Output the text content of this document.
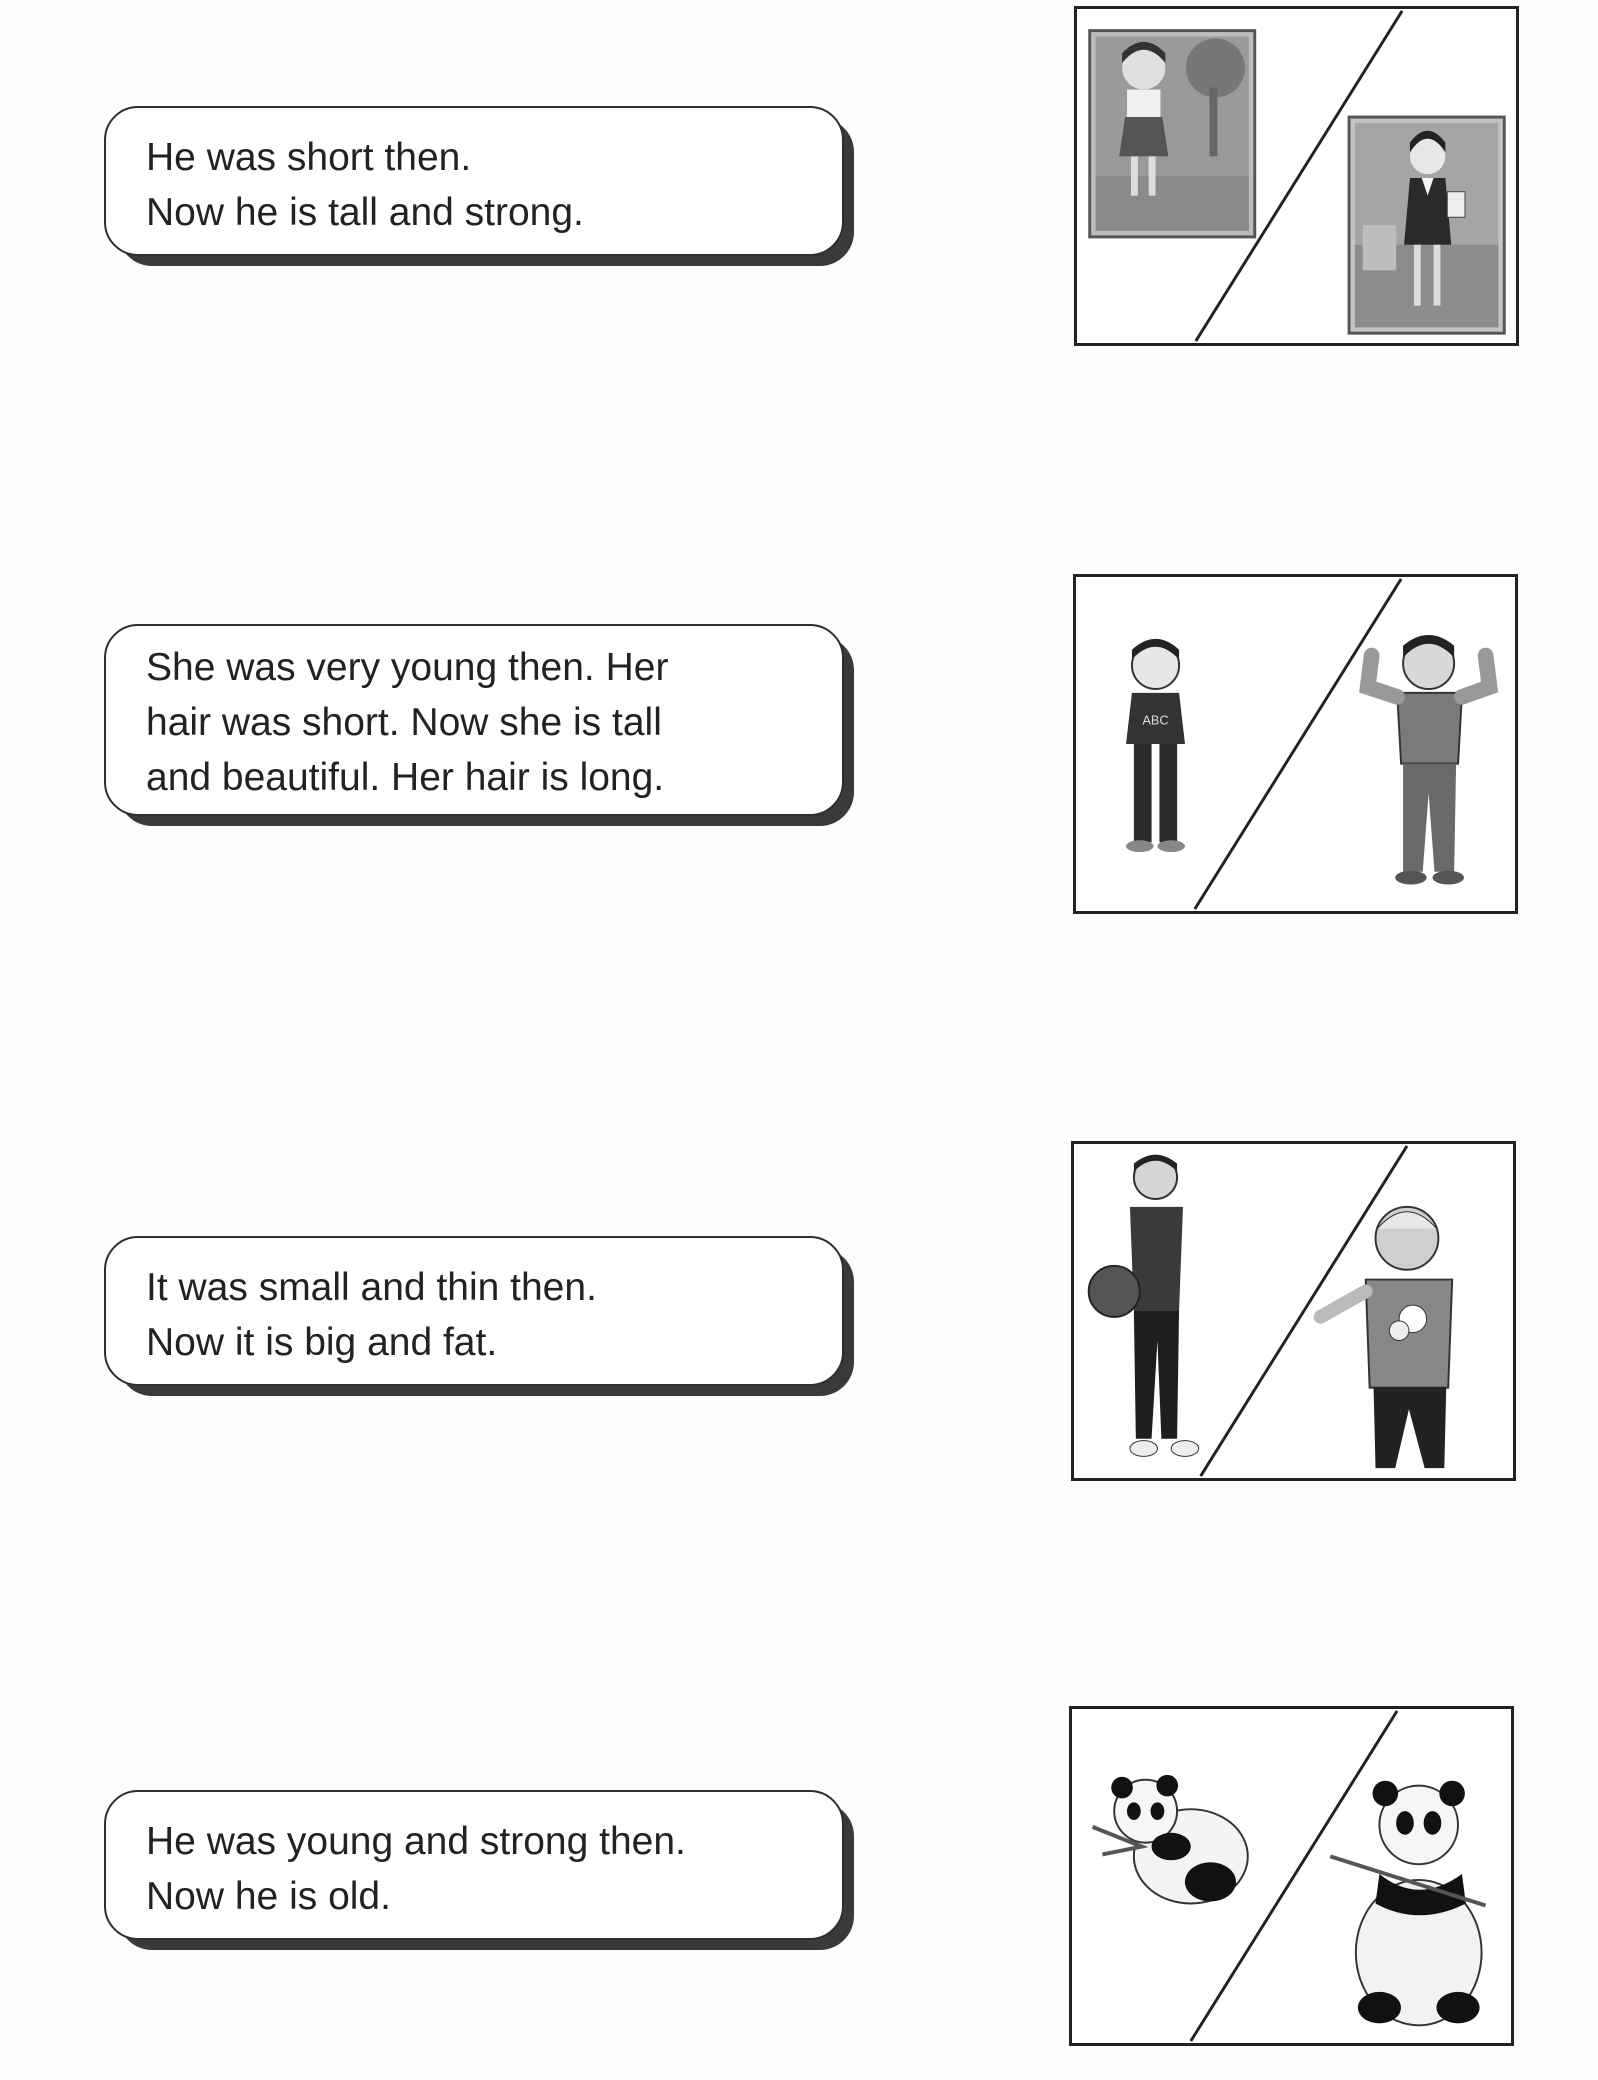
He was short then.
Now he is tall and strong.
She was very young then. Her
hair was short. Now she is tall
and beautiful. Her hair is long.
It was small and thin then.
Now it is big and fat.
He was young and strong then.
Now he is old.
ABC
